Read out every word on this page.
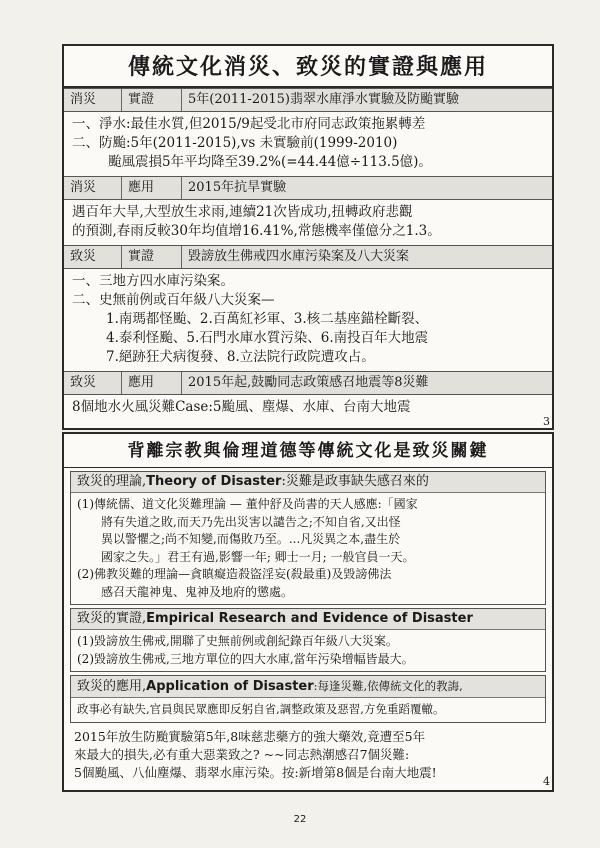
傳統文化消災、致災的實證與應用
消災	實證	5年(2011-2015)翡翠水庫淨水實驗及防颱實驗

一、淨水:最佳水質,但2015/9起受北市府同志政策拖累轉差

二、防颱:5年(2011-2015),vs 未實驗前(1999-2010)

颱風震損5年平均降至39.2%(=44.44億÷113.5億)。

消災	應用	2015年抗旱實驗

遇百年大旱,大型放生求雨,連續21次皆成功,扭轉政府悲觀

的預測,春雨反較30年均值增16.41%,常態機率僅億分之1.3。

致災	實證	毀謗放生佛戒四水庫污染案及八大災案

一、三地方四水庫污染案。

二、史無前例或百年級八大災案—

1.南瑪都怪颱、2.百萬紅衫軍、3.核二基座錨栓斷裂、

4.泰利怪颱、5.石門水庫水質污染、6.南投百年大地震

7.絕跡狂犬病復發、8.立法院行政院遭攻占。

致災	應用	2015年起,鼓勵同志政策感召地震等8災難

8個地水火風災難Case:5颱風、塵爆、水庫、台南大地震

3
背離宗教與倫理道德等傳統文化是致災關鍵
致災的理論,Theory of Disaster:災難是政事缺失感召來的

(1)傳統儒、道文化災難理論 — 董仲舒及尚書的天人感應:「國家

將有失道之敗,而天乃先出災害以譴告之;不知自省,又出怪

異以警懼之;尚不知變,而傷敗乃至。...凡災異之本,盡生於

國家之失。」君王有過,影響一年; 卿士一月; 一般官員一天。

(2)佛教災難的理論—貪瞋癡造殺盜淫妄(殺最重)及毀謗佛法

感召天龍神鬼、鬼神及地府的懲處。

致災的實證,Empirical Research and Evidence of Disaster

(1)毀謗放生佛戒,開聯了史無前例或創紀錄百年級八大災案。

(2)毀謗放生佛戒,三地方單位的四大水庫,當年污染增幅皆最大。

致災的應用,Application of Disaster:每逢災難,依傳統文化的教誨,

政事必有缺失,官員與民眾應即反躬自省,調整政策及惡習,方免重蹈覆轍。

2015年放生防颱實驗第5年,8味慈悲藥方的強大藥效,竟遭至5年

來最大的損失,必有重大惡業致之? ~~同志熱潮感召7個災難:

5個颱風、八仙塵爆、翡翠水庫污染。按:新增第8個是台南大地震!

4
22
